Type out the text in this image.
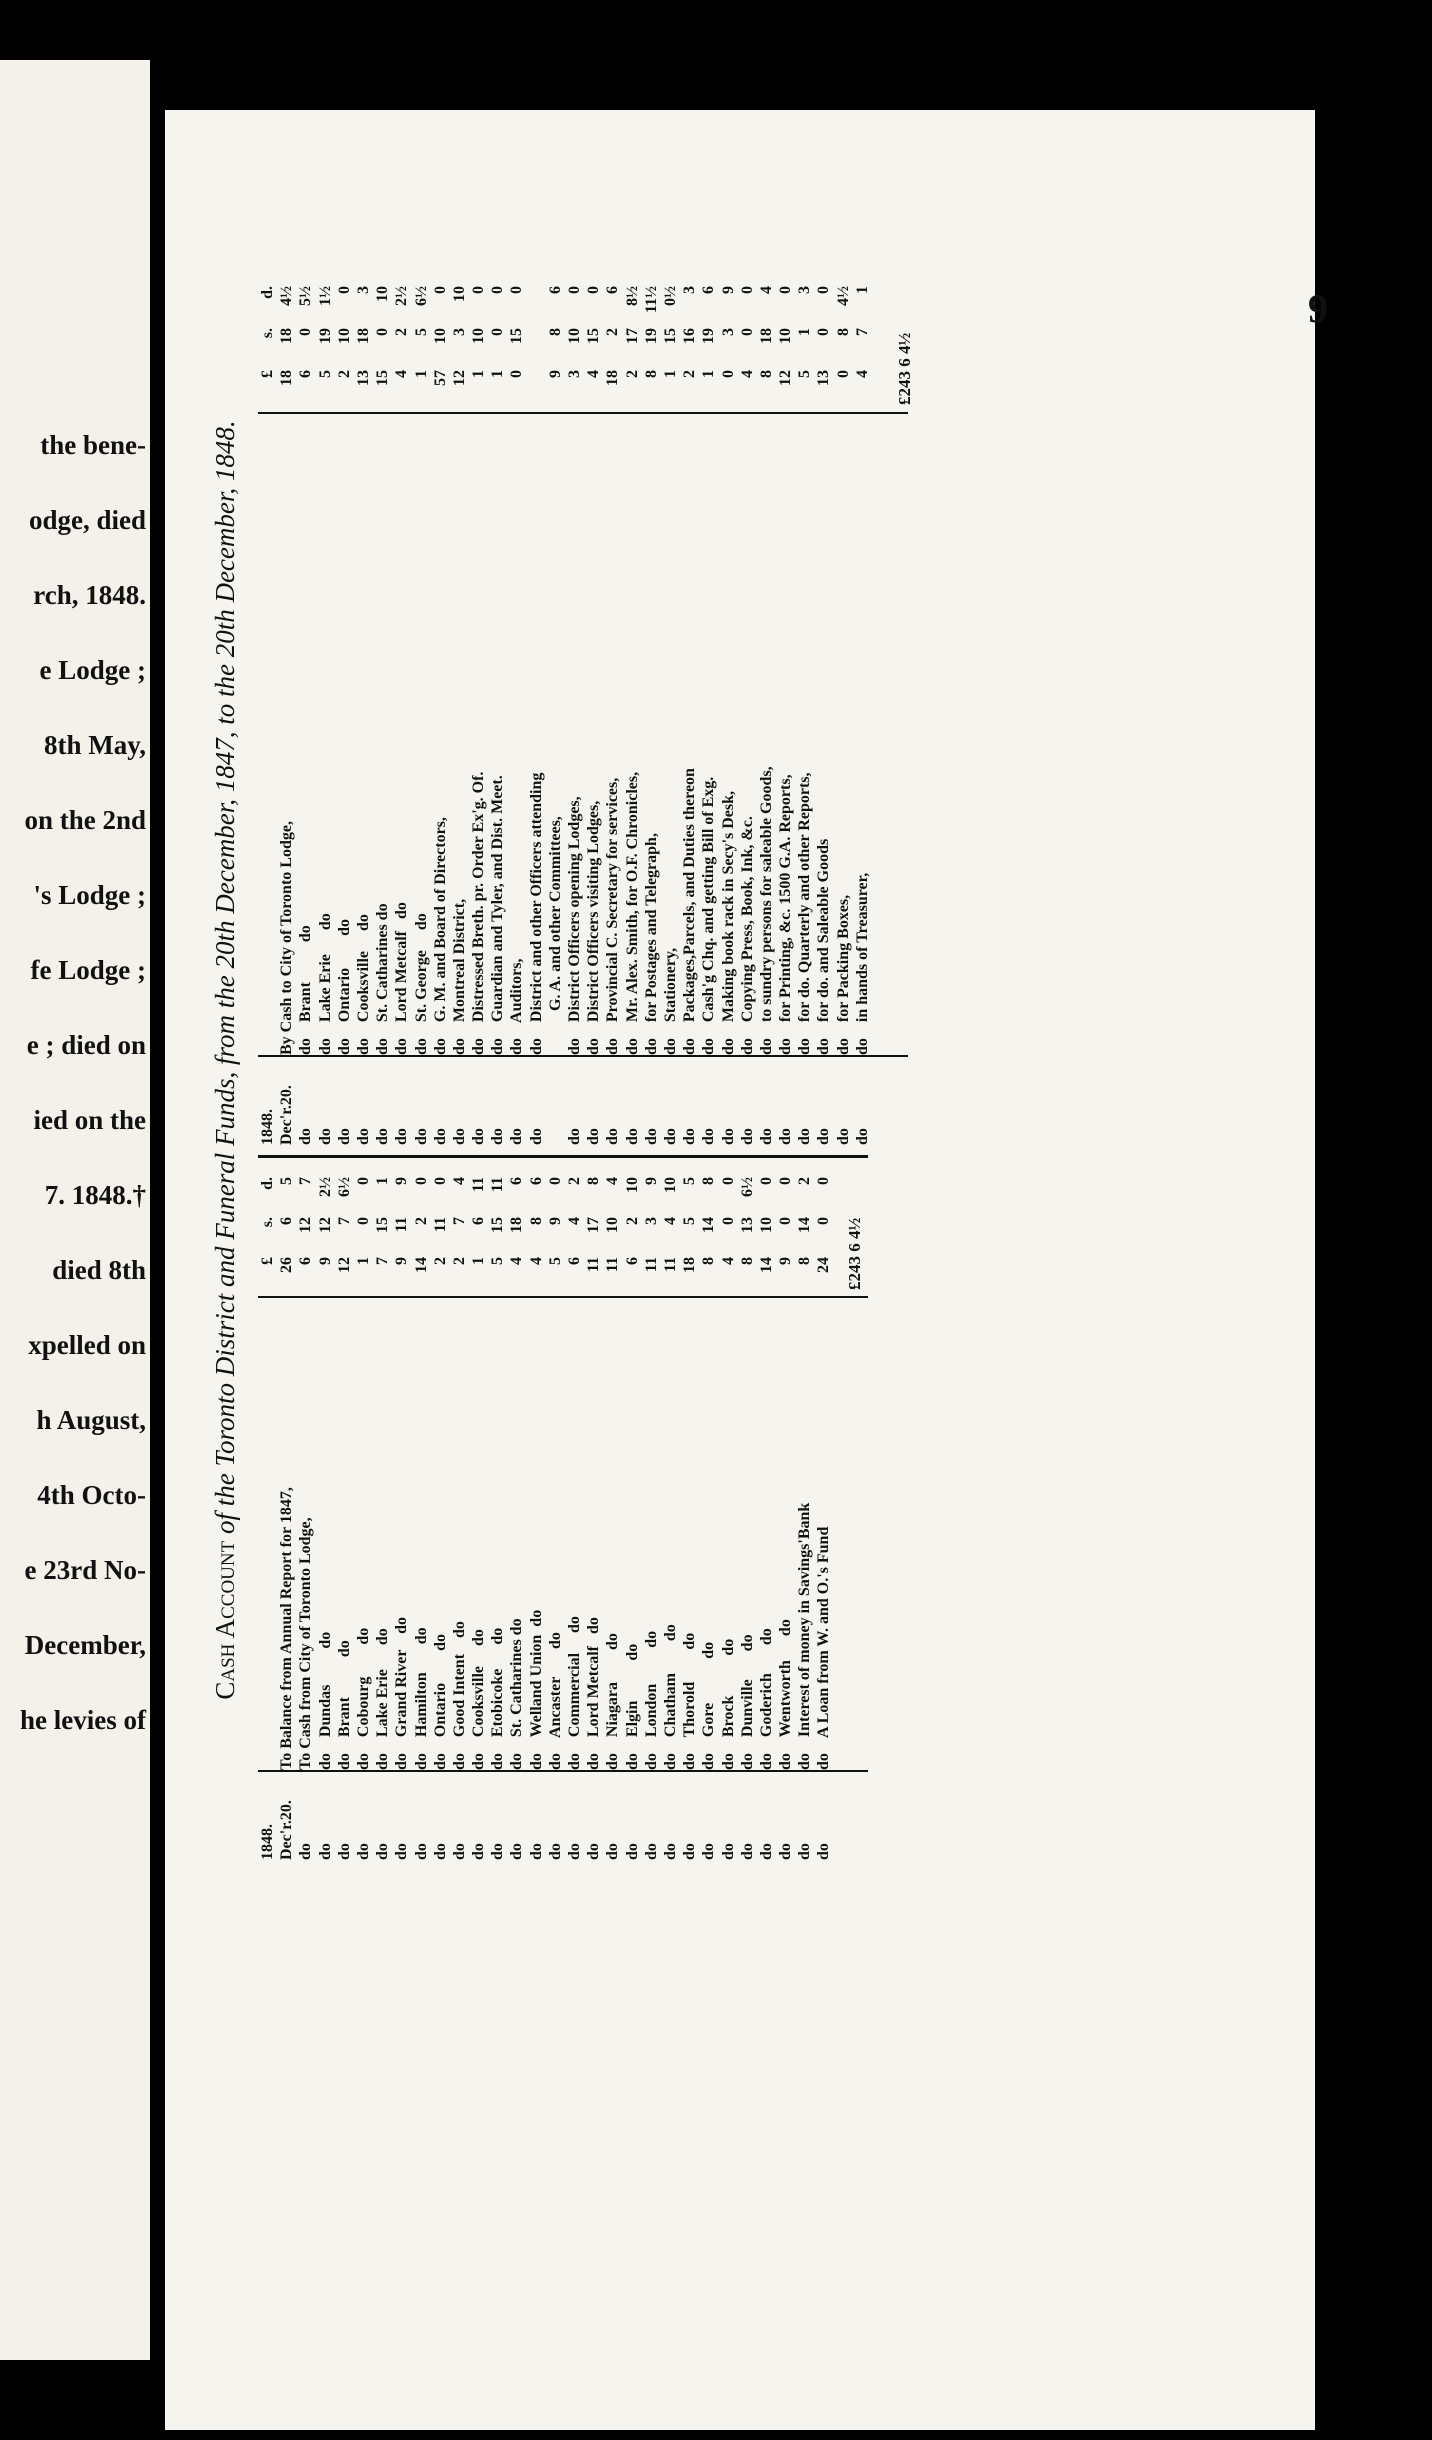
the bene-
odge, died
rch, 1848.
e Lodge ;
8th May,
on the 2nd
's Lodge ;
fe Lodge ;
e ; died on
ied on the
7. 1848.†
died 8th
xpelled on
h August,
4th Octo-
e 23rd No-
December,
he levies of
9
Cash Account of the Toronto District and Funeral Funds, from the 20th December, 1847, to the 20th December, 1848.
1848. Dec'r.20. do do do do do do do do do do do do do do do do do do do do do do do do do do do do

To Balance from Annual Report for 1847, To Cash from City of Toronto Lodge, do    Dundas         do do    Brant          do do    Cobourg        do do    Lake Erie      do do    Grand River    do do    Hamilton       do do    Ontario        do do    Good Intent    do do    Cooksville     do do    Etobicoke      do do    St. Catharines do do    Welland Union  do do    Ancaster       do do    Commercial     do do    Lord Metcalf   do do    Niagara        do do    Elgin          do do    London         do do    Chatham        do do    Thorold        do do    Gore           do do    Brock          do do    Dunville       do do    Goderich       do do    Wentworth      do do    Interest of money in Savings'Bank do    A Loan from W. and O.'s Fund
£s.d.
2665
6127
9122½
1276½
100
7151
9119
1420
2110
274
1611
51511
4186
486
590
642
11178
11104
6210
1139
11410
1855
8148
400
8136½
14100
900
8142
2400
£243 6 4½
1848. Dec'r.20. do do do do do do do do do do do do do do do do do do do do do do do do do do do do do

By Cash to City of Toronto Lodge, do    Brant          do do    Lake Erie      do do    Ontario        do do    Cooksville     do do    St. Catharines do do    Lord Metcalf   do do    St. George     do do    G. M. and Board of Directors, do    Montreal District, do    Distressed Breth. pr. Order Ex'g. Of. do    Guardian and Tyler, and Dist. Meet. do    Auditors, do    District and other Officers attending G. A. and other Committees, do    District Officers opening Lodges, do    District Officers visiting Lodges, do    Provincial C. Secretary for services, do    Mr. Alex. Smith, for O.F. Chronicles, do    for Postages and Telegraph, do    Stationery, do    Packages,Parcels, and Duties thereon do    Cash'g Chq. and getting Bill of Exg. do    Making book rack in Secy's Desk, do    Copying Press, Book, Ink, &c. do    to sundry persons for saleable Goods, do    for Printing, &c. 1500 G.A. Reports, do    for do. Quarterly and other Reports, do    for do. and Saleable Goods do    for Packing Boxes, do    in hands of Treasurer,
£s.d.
18184½
605½
5191½
2100
13183
15010
422½
156½
57100
12310
1100
100
0150
986
3100
4150
1826
2178½
81911½
1150½
2163
1196
039
400
8184
12100
513
1300
084½
471
£243 6 4½
